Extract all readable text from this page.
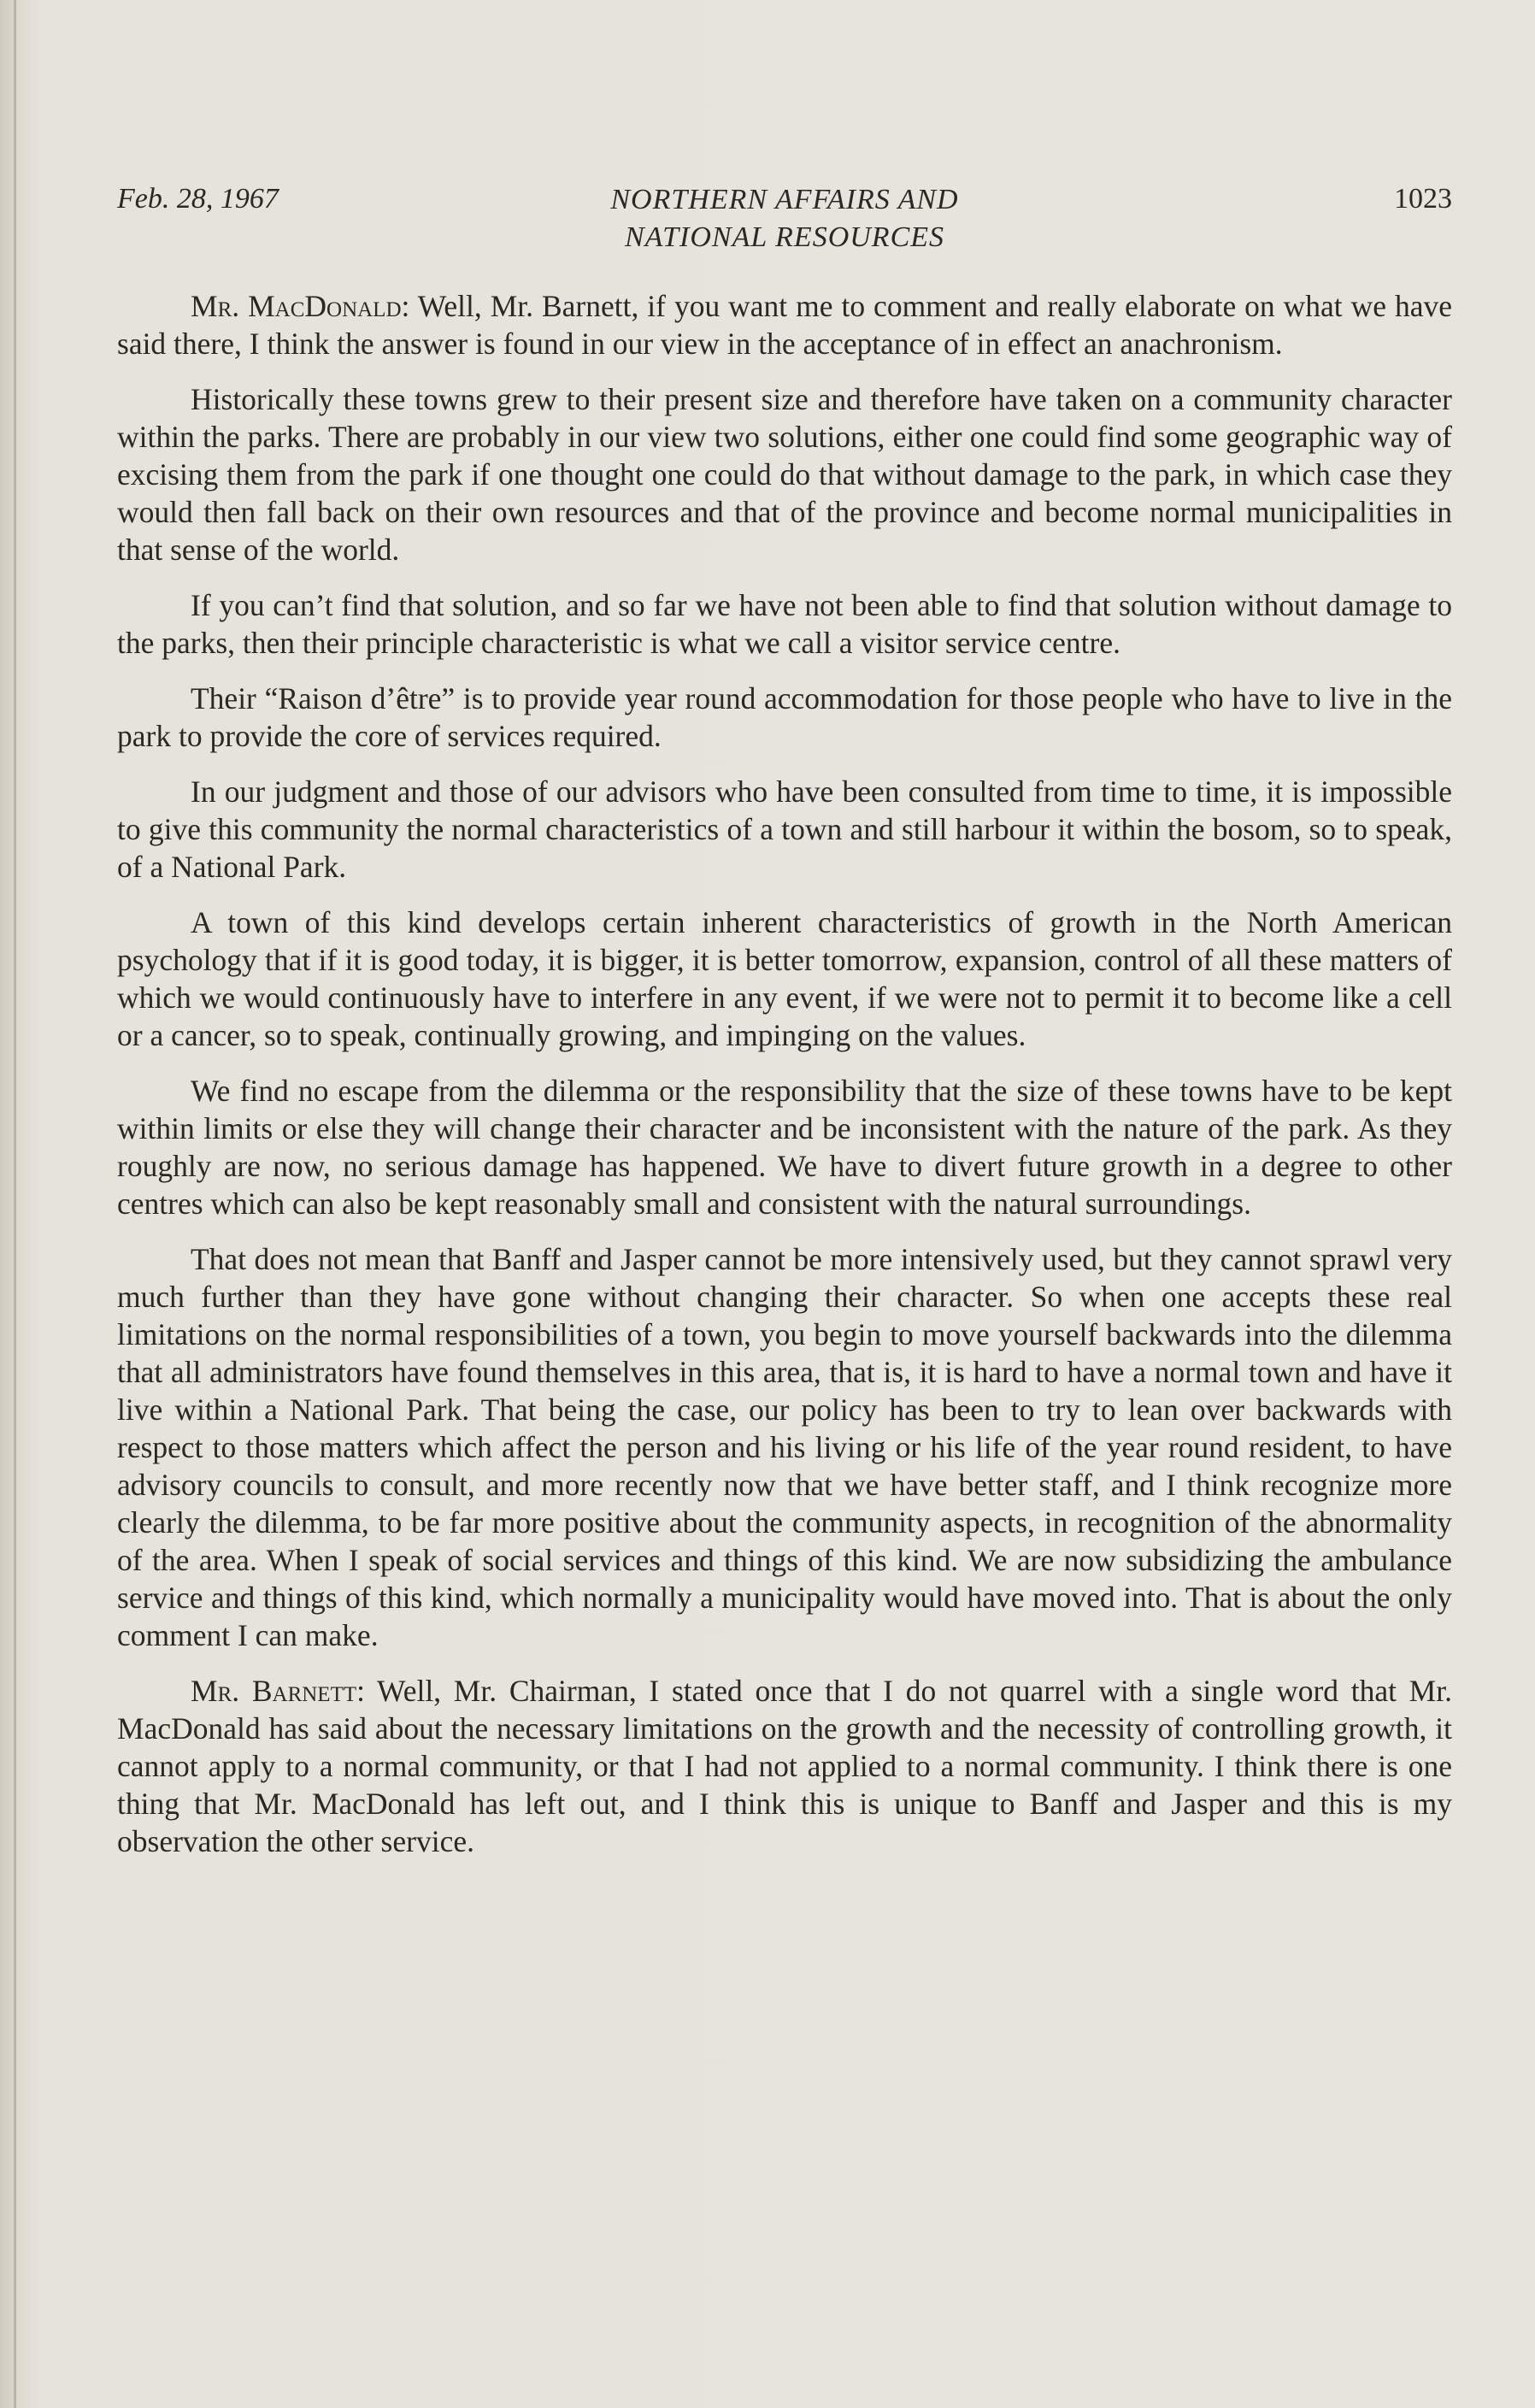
Feb. 28, 1967	NORTHERN AFFAIRS AND
NATIONAL RESOURCES
1023

Mr. MacDonald: Well, Mr. Barnett, if you want me to comment and really elaborate on what we have said there, I think the answer is found in our view in the acceptance of in effect an anachronism.

Historically these towns grew to their present size and therefore have taken on a community character within the parks. There are probably in our view two solutions, either one could find some geographic way of excising them from the park if one thought one could do that without damage to the park, in which case they would then fall back on their own resources and that of the province and become normal municipalities in that sense of the world.

If you can’t find that solution, and so far we have not been able to find that solution without damage to the parks, then their principle characteristic is what we call a visitor service centre.

Their “Raison d’être” is to provide year round accommodation for those people who have to live in the park to provide the core of services required.

In our judgment and those of our advisors who have been consulted from time to time, it is impossible to give this community the normal characteristics of a town and still harbour it within the bosom, so to speak, of a National Park.

A town of this kind develops certain inherent characteristics of growth in the North American psychology that if it is good today, it is bigger, it is better tomorrow, expansion, control of all these matters of which we would continuously have to interfere in any event, if we were not to permit it to become like a cell or a cancer, so to speak, continually growing, and impinging on the values.

We find no escape from the dilemma or the responsibility that the size of these towns have to be kept within limits or else they will change their character and be inconsistent with the nature of the park. As they roughly are now, no serious damage has happened. We have to divert future growth in a degree to other centres which can also be kept reasonably small and consistent with the natural surroundings.

That does not mean that Banff and Jasper cannot be more intensively used, but they cannot sprawl very much further than they have gone without changing their character. So when one accepts these real limitations on the normal responsibilities of a town, you begin to move yourself backwards into the dilemma that all administrators have found themselves in this area, that is, it is hard to have a normal town and have it live within a National Park. That being the case, our policy has been to try to lean over backwards with respect to those matters which affect the person and his living or his life of the year round resident, to have advisory councils to consult, and more recently now that we have better staff, and I think recognize more clearly the dilemma, to be far more positive about the community aspects, in recognition of the abnormality of the area. When I speak of social services and things of this kind. We are now subsidizing the ambulance service and things of this kind, which normally a municipality would have moved into. That is about the only comment I can make.

Mr. Barnett: Well, Mr. Chairman, I stated once that I do not quarrel with a single word that Mr. MacDonald has said about the necessary limitations on the growth and the necessity of controlling growth, it cannot apply to a normal community, or that I had not applied to a normal community. I think there is one thing that Mr. MacDonald has left out, and I think this is unique to Banff and Jasper and this is my observation the other service.
